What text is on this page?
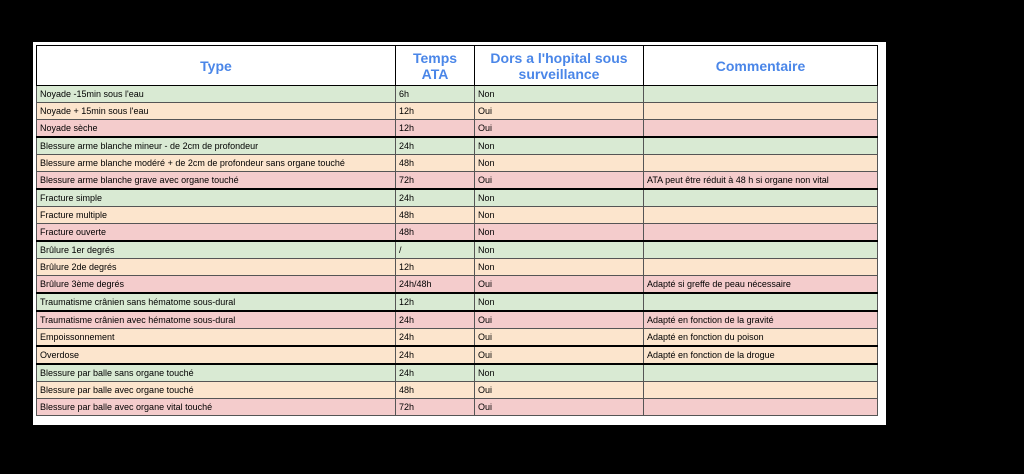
Type	Temps ATA	Dors a l'hopital sous surveillance	Commentaire
Noyade -15min sous l'eau	6h	Non	
Noyade + 15min sous l'eau	12h	Oui	
Noyade sèche	12h	Oui	
Blessure arme blanche mineur - de 2cm de profondeur	24h	Non	
Blessure arme blanche modéré + de 2cm de profondeur sans organe touché	48h	Non	
Blessure arme blanche grave avec organe touché	72h	Oui	ATA peut être réduit à 48 h si organe non vital
Fracture simple	24h	Non	
Fracture multiple	48h	Non	
Fracture ouverte	48h	Non	
Brûlure 1er degrés	/	Non	
Brûlure 2de degrés	12h	Non	
Brûlure 3ème degrés	24h/48h	Oui	Adapté si greffe de peau nécessaire
Traumatisme crânien sans hématome sous-dural	12h	Non	
Traumatisme crânien avec hématome sous-dural	24h	Oui	Adapté en fonction de la gravité
Empoissonnement	24h	Oui	Adapté en fonction du poison
Overdose	24h	Oui	Adapté en fonction de la drogue
Blessure par balle sans organe touché	24h	Non	
Blessure par balle avec organe touché	48h	Oui	
Blessure par balle avec organe vital touché	72h	Oui	
